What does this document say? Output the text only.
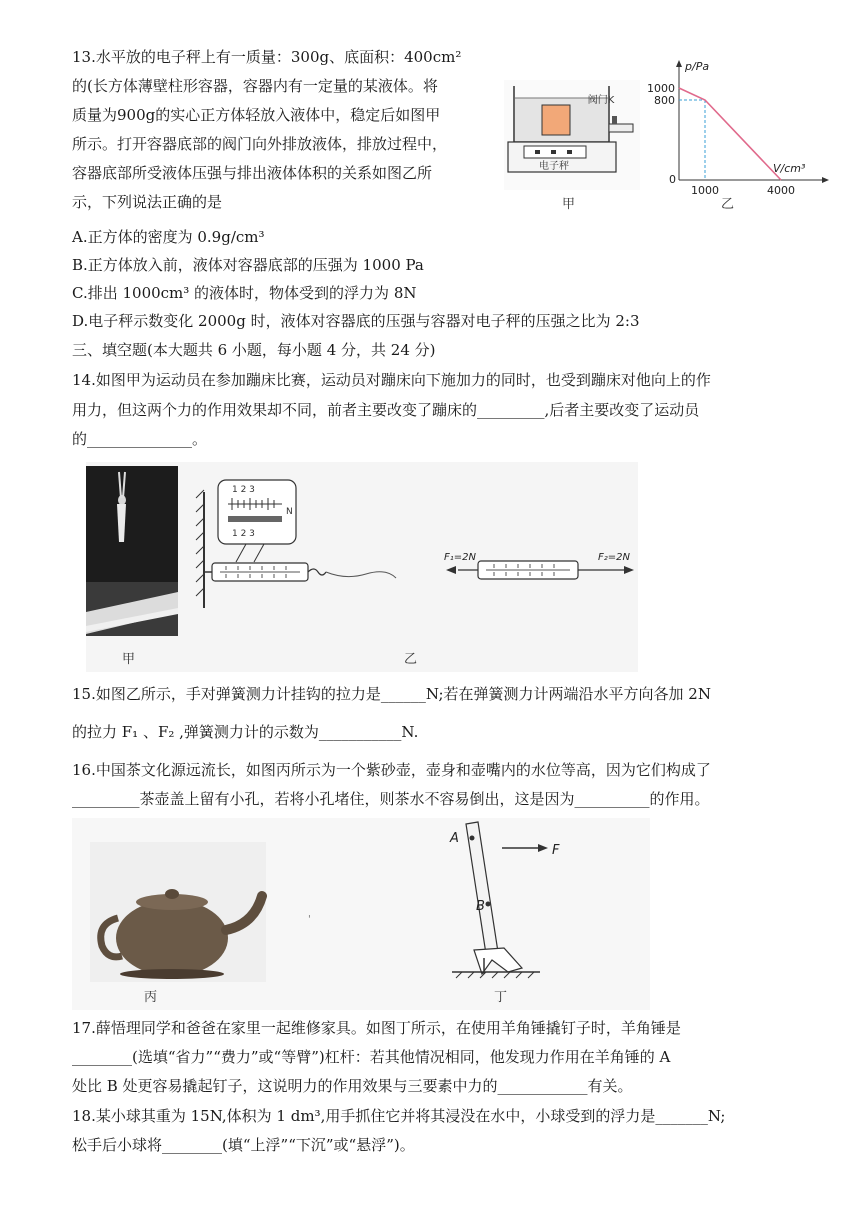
13.水平放的电子秤上有一质量：300g、底面积：400cm²
的(长方体薄壁柱形容器，容器内有一定量的某液体。将
质量为900g的实心正方体轻放入液体中，稳定后如图甲
所示。打开容器底部的阀门向外排放液体，排放过程中，
容器底部所受液体压强与排出液体体积的关系如图乙所
示，下列说法正确的是
阀门K
电子秤
甲
p/Pa
V/cm³
1000
800
1000	4000
0
乙
A.正方体的密度为 0.9g/cm³
B.正方体放入前，液体对容器底部的压强为 1000 Pa
C.排出 1000cm³ 的液体时，物体受到的浮力为 8N
D.电子秤示数变化 2000g 时，液体对容器底的压强与容器对电子秤的压强之比为 2:3
三、填空题(本大题共 6 小题，每小题 4 分，共 24 分)
14.如图甲为运动员在参加蹦床比赛，运动员对蹦床向下施加力的同时，也受到蹦床对他向上的作
用力，但这两个力的作用效果却不同，前者主要改变了蹦床的_________,后者主要改变了运动员
的______________。
1 2 3
1 2 3
N
F₁=2N	F₂=2N
甲	乙
15.如图乙所示，手对弹簧测力计挂钩的拉力是______N;若在弹簧测力计两端沿水平方向各加 2N
的拉力 F₁ 、F₂ ,弹簧测力计的示数为___________N.
16.中国茶文化源远流长，如图丙所示为一个紫砂壶，壶身和壶嘴内的水位等高，因为它们构成了
_________茶壶盖上留有小孔，若将小孔堵住，则茶水不容易倒出，这是因为__________的作用。
A
B
F
'
丙	丁
17.薛悟理同学和爸爸在家里一起维修家具。如图丁所示，在使用羊角锤撬钉子时，羊角锤是
________(选填“省力”“费力”或“等臂”)杠杆：若其他情况相同，他发现力作用在羊角锤的 A
处比 B 处更容易撬起钉子，这说明力的作用效果与三要素中力的____________有关。
18.某小球其重为 15N,体积为 1 dm³,用手抓住它并将其浸没在水中，小球受到的浮力是_______N;
松手后小球将________(填“上浮”“下沉”或“悬浮”)。
